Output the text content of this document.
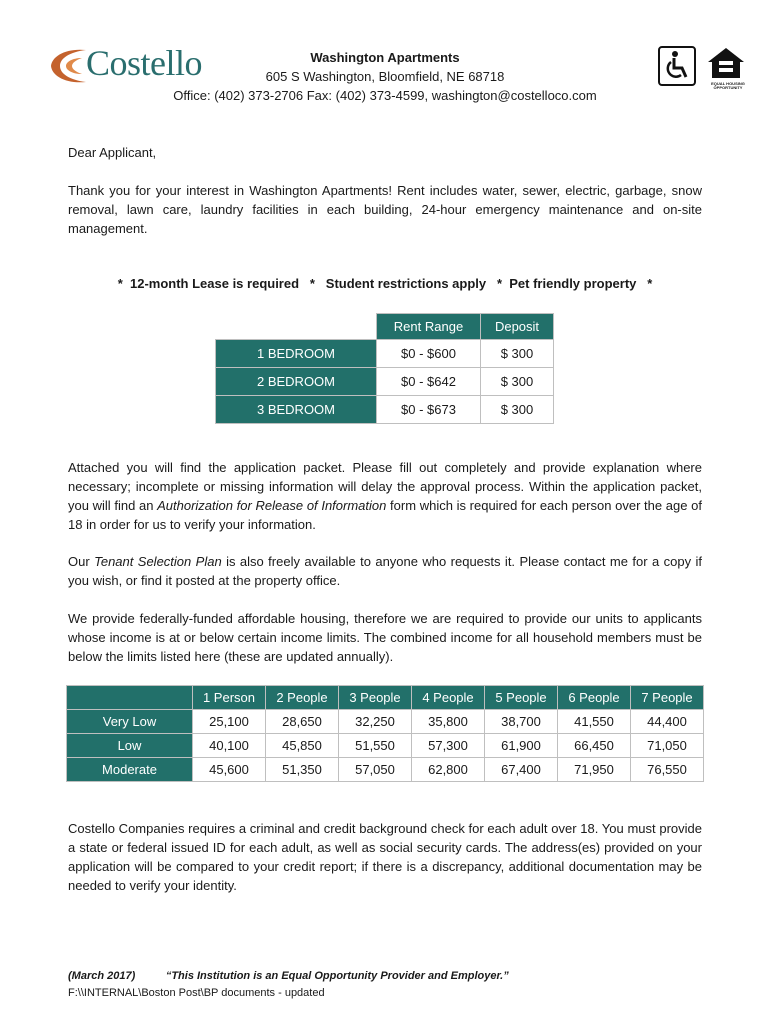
Costello	Washington Apartments
605 S Washington, Bloomfield, NE 68718
Office: (402) 373-2706 Fax: (402) 373-4599, washington@costelloco.com
EQUAL HOUSING OPPORTUNITY
Dear Applicant,
Thank you for your interest in Washington Apartments! Rent includes water, sewer, electric, garbage, snow removal, lawn care, laundry facilities in each building, 24-hour emergency maintenance and on-site management.
*  12-month Lease is required   *   Student restrictions apply   *  Pet friendly property   *
	Rent Range	Deposit
1 BEDROOM	$0 - $600	$ 300
2 BEDROOM	$0 - $642	$ 300
3 BEDROOM	$0 - $673	$ 300
Attached you will find the application packet. Please fill out completely and provide explanation where necessary; incomplete or missing information will delay the approval process. Within the application packet, you will find an Authorization for Release of Information form which is required for each person over the age of 18 in order for us to verify your information.
Our Tenant Selection Plan is also freely available to anyone who requests it. Please contact me for a copy if you wish, or find it posted at the property office.
We provide federally-funded affordable housing, therefore we are required to provide our units to applicants whose income is at or below certain income limits. The combined income for all household members must be below the limits listed here (these are updated annually).
	1 Person	2 People	3 People	4 People	5 People	6 People	7 People
Very Low	25,100	28,650	32,250	35,800	38,700	41,550	44,400
Low	40,100	45,850	51,550	57,300	61,900	66,450	71,050
Moderate	45,600	51,350	57,050	62,800	67,400	71,950	76,550
Costello Companies requires a criminal and credit background check for each adult over 18. You must provide a state or federal issued ID for each adult, as well as social security cards. The address(es) provided on your application will be compared to your credit report; if there is a discrepancy, additional documentation may be needed to verify your identity.
(March 2017)	“This Institution is an Equal Opportunity Provider and Employer.”
F:\\INTERNAL\Boston Post\BP documents - updated
